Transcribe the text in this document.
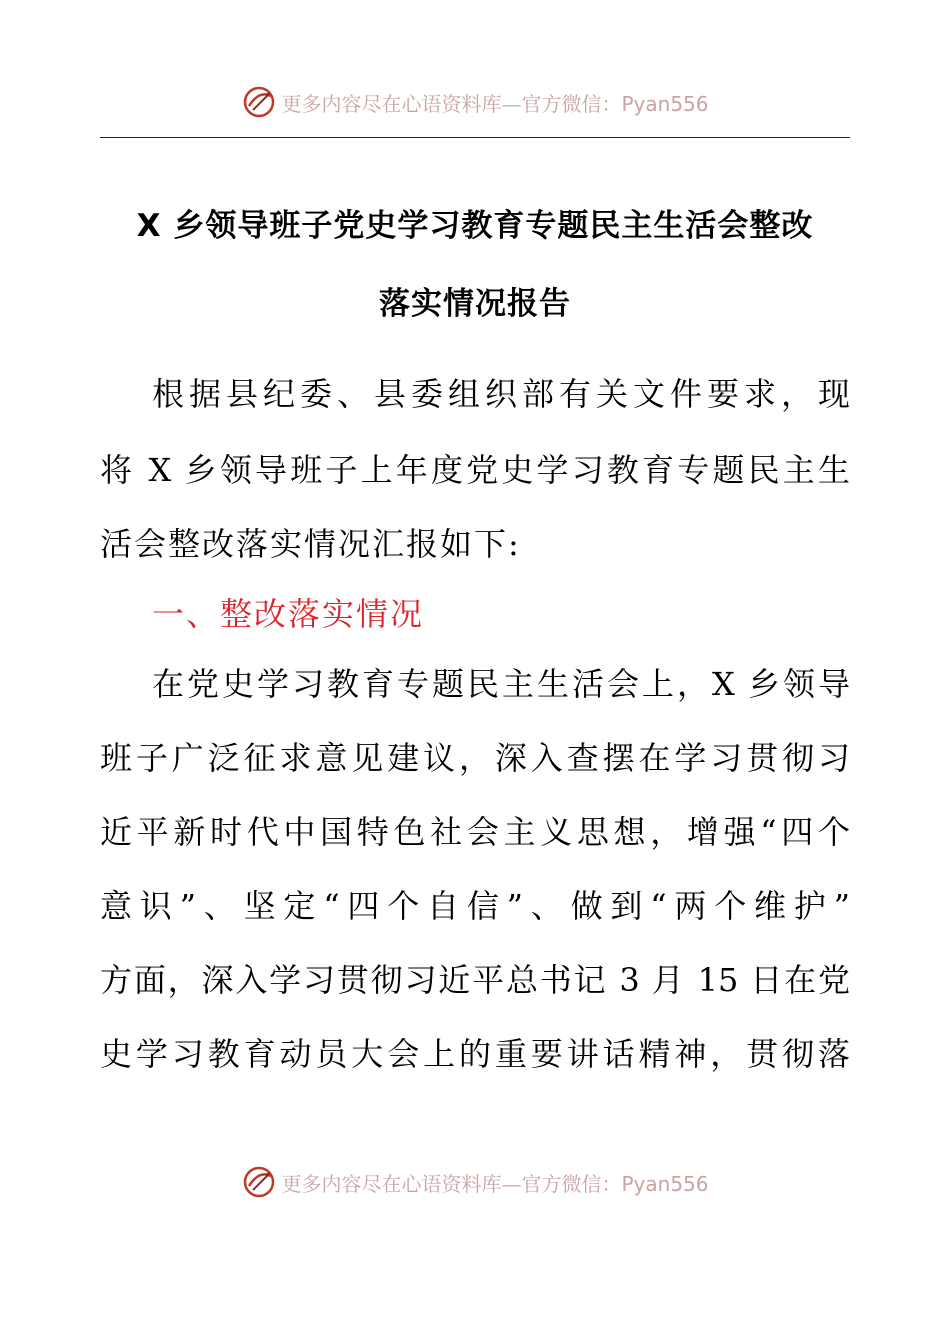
更多内容尽在心语资料库—官方微信：Pyan556
X 乡领导班子党史学习教育专题民主生活会整改
落实情况报告
根据县纪委、县委组织部有关文件要求，现
将 X 乡领导班子上年度党史学习教育专题民主生
活会整改落实情况汇报如下:
一、整改落实情况
在党史学习教育专题民主生活会上，X 乡领导
班子广泛征求意见建议，深入查摆在学习贯彻习
近平新时代中国特色社会主义思想，增强“四个
意识”、坚定“四个自信”、做到“两个维护”
方面，深入学习贯彻习近平总书记 3 月 15 日在党
史学习教育动员大会上的重要讲话精神，贯彻落
更多内容尽在心语资料库—官方微信：Pyan556
